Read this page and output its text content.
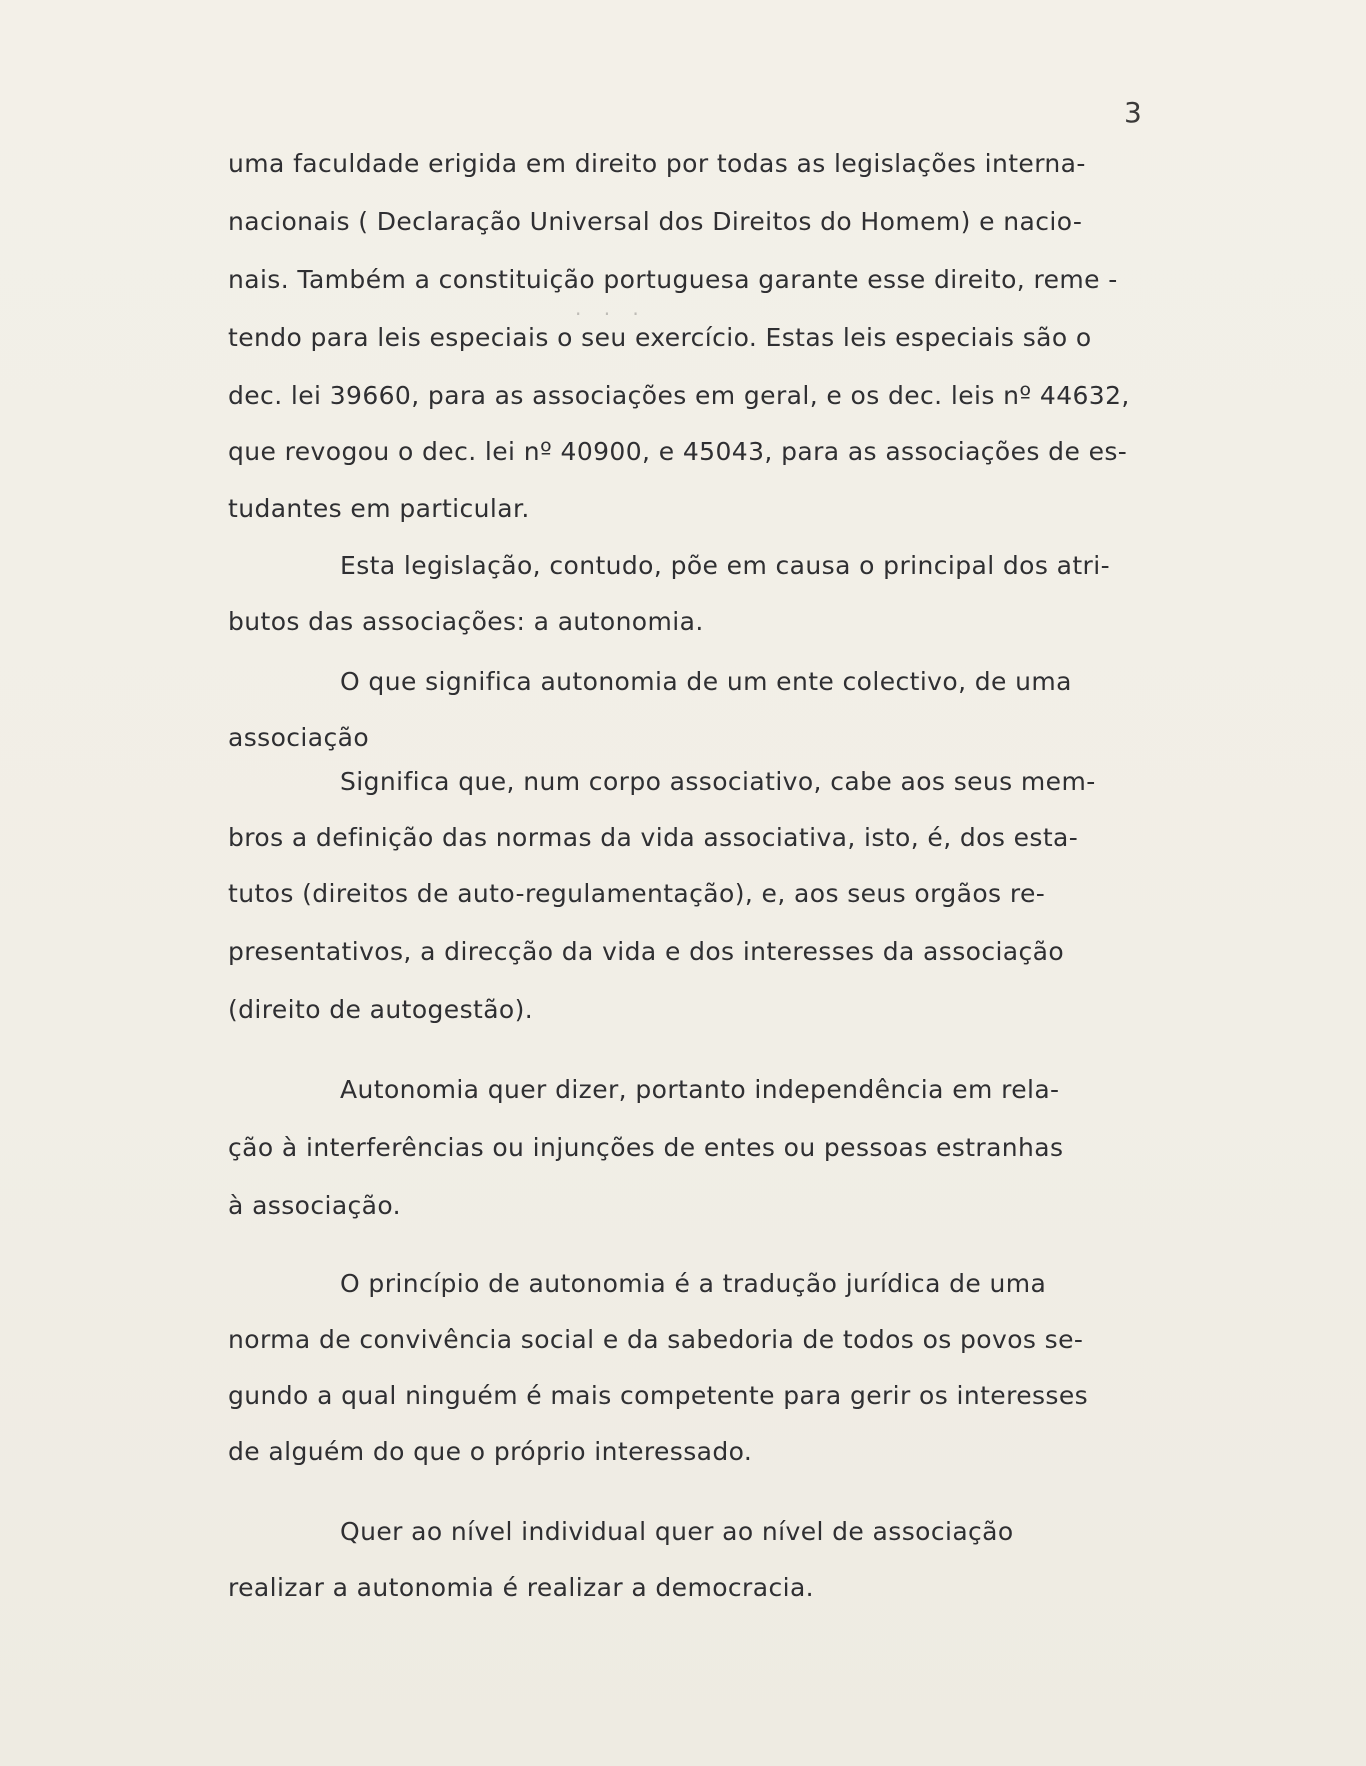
3

uma faculdade erigida em direito por todas as legislações interna-

nacionais ( Declaração Universal dos Direitos do Homem) e nacio-

nais. Também a constituição portuguesa garante esse direito, reme -

tendo para leis especiais o seu exercício. Estas leis especiais são o

dec. lei 39660, para as associações em geral, e os dec. leis nº 44632,

que revogou o dec. lei nº 40900, e 45043, para as associações de es-

tudantes em particular.

Esta legislação, contudo, põe em causa o principal dos atri-

butos das associações: a autonomia.

O que significa autonomia de um ente colectivo, de uma

associação

Significa que, num corpo associativo, cabe aos seus mem-

bros a definição das normas da vida associativa, isto, é, dos esta-

tutos (direitos de auto-regulamentação), e, aos seus orgãos re-

presentativos, a direcção da vida e dos interesses da associação

(direito de autogestão).

Autonomia quer dizer, portanto independência em rela-

ção à interferências ou injunções de entes ou pessoas estranhas

à associação.

O princípio de autonomia é a tradução jurídica de uma

norma de convivência social e da sabedoria de todos os povos se-

gundo a qual ninguém é mais competente para gerir os interesses

de alguém do que o próprio interessado.

Quer ao nível individual quer ao nível de associação

realizar a autonomia é realizar a democracia.

. . .
